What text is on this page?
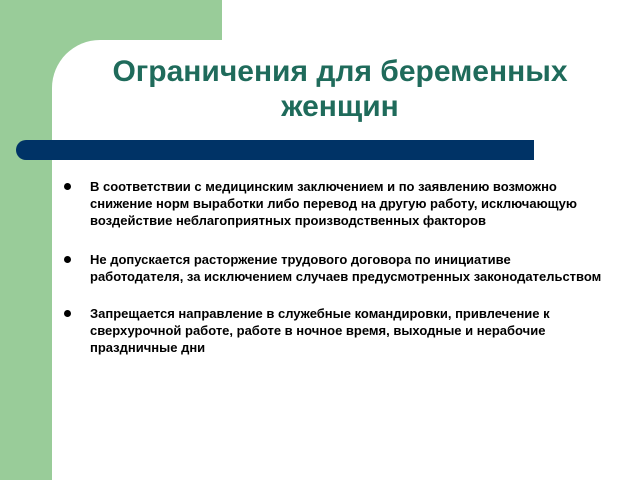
Ограничения для беременных женщин
В соответствии с медицинским заключением и по заявлению возможно снижение норм выработки либо перевод на другую работу, исключающую воздействие неблагоприятных производственных факторов
Не допускается расторжение трудового договора по инициативе работодателя, за исключением случаев предусмотренных законодательством
Запрещается направление в служебные командировки, привлечение к сверхурочной работе, работе в ночное время, выходные и нерабочие праздничные дни
